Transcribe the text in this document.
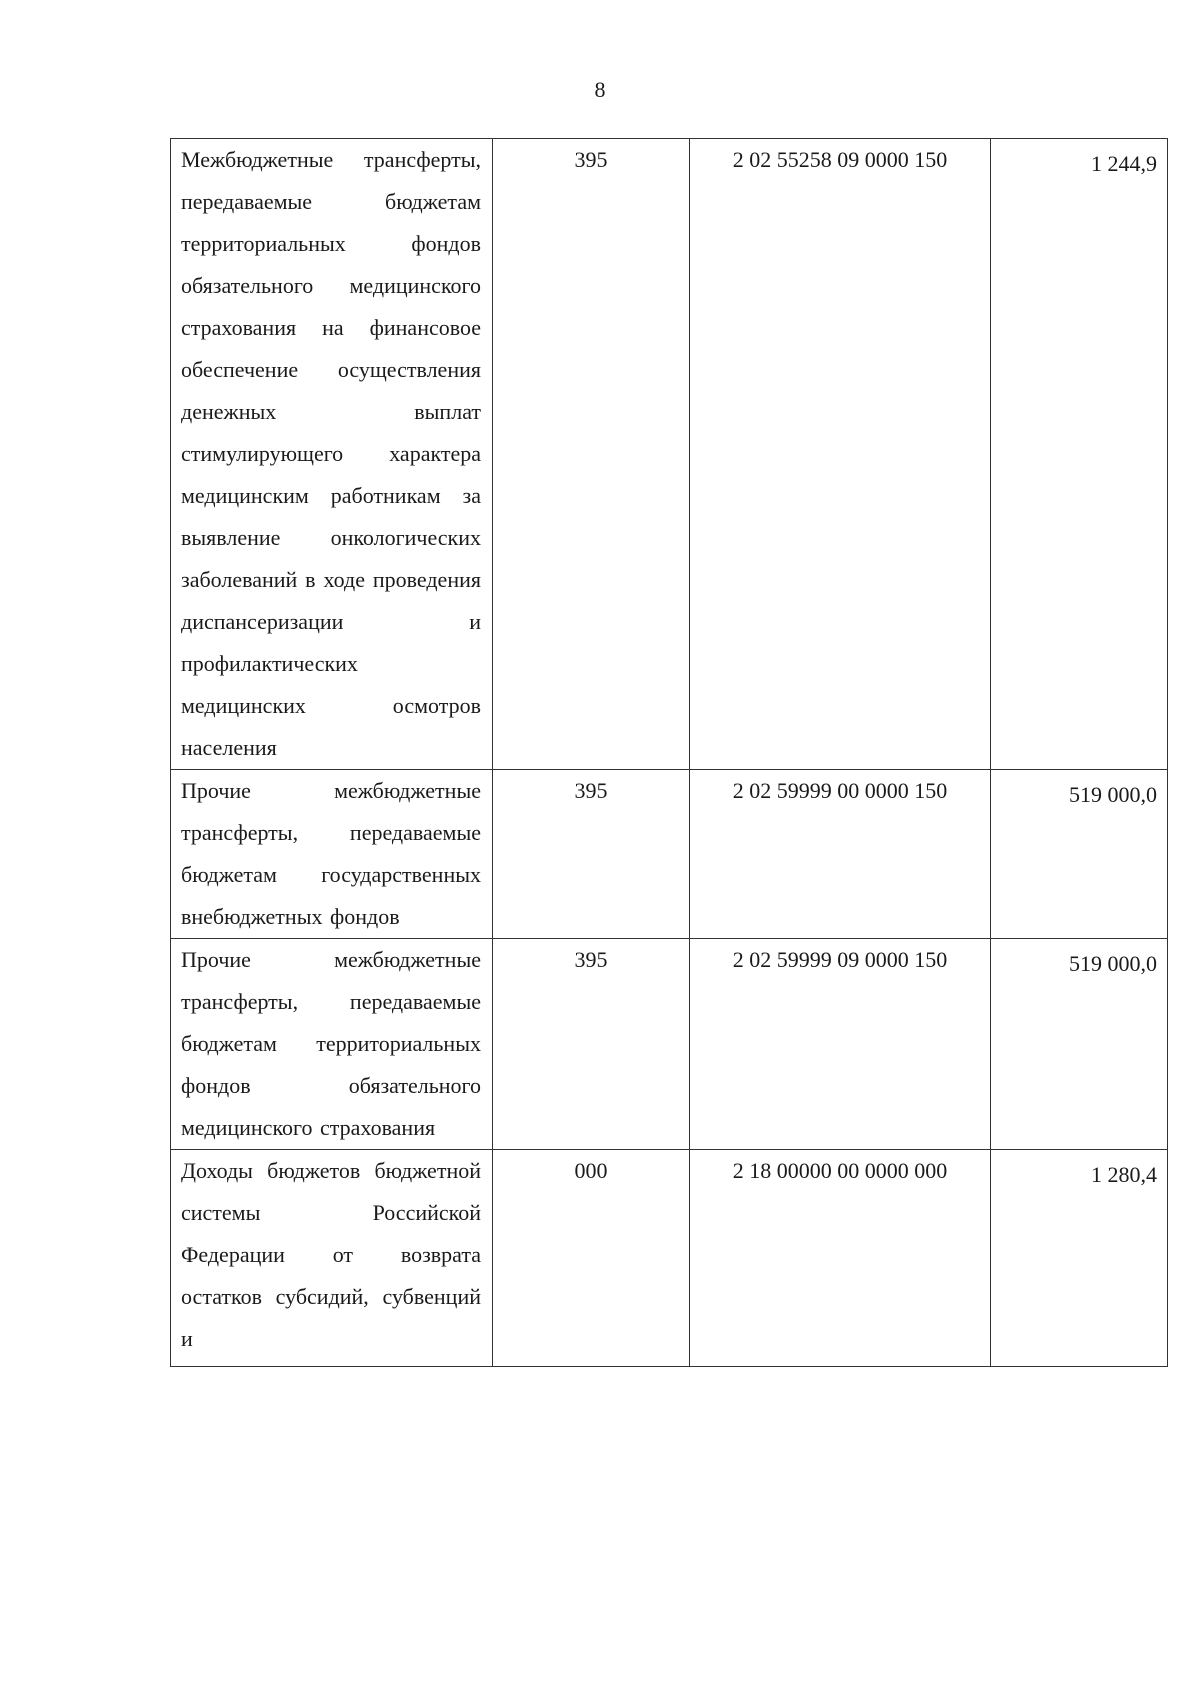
8
Межбюджетные трансферты, передаваемые бюджетам территориальных фондов обязательного медицинского страхования на финансовое обеспечение осуществления денежных выплат стимулирующего характера медицинским работникам за выявление онкологических заболеваний в ходе проведения диспансеризации и профилактических медицинских осмотров населения	395	2 02 55258 09 0000 150	1 244,9

Прочие межбюджетные трансферты, передаваемые бюджетам государственных внебюджетных фондов	395	2 02 59999 00 0000 150	519 000,0

Прочие межбюджетные трансферты, передаваемые бюджетам территориальных фондов обязательного медицинского страхования	395	2 02 59999 09 0000 150	519 000,0

Доходы бюджетов бюджетной системы Российской Федерации от возврата остатков субсидий, субвенций и	000	2 18 00000 00 0000 000	1 280,4
